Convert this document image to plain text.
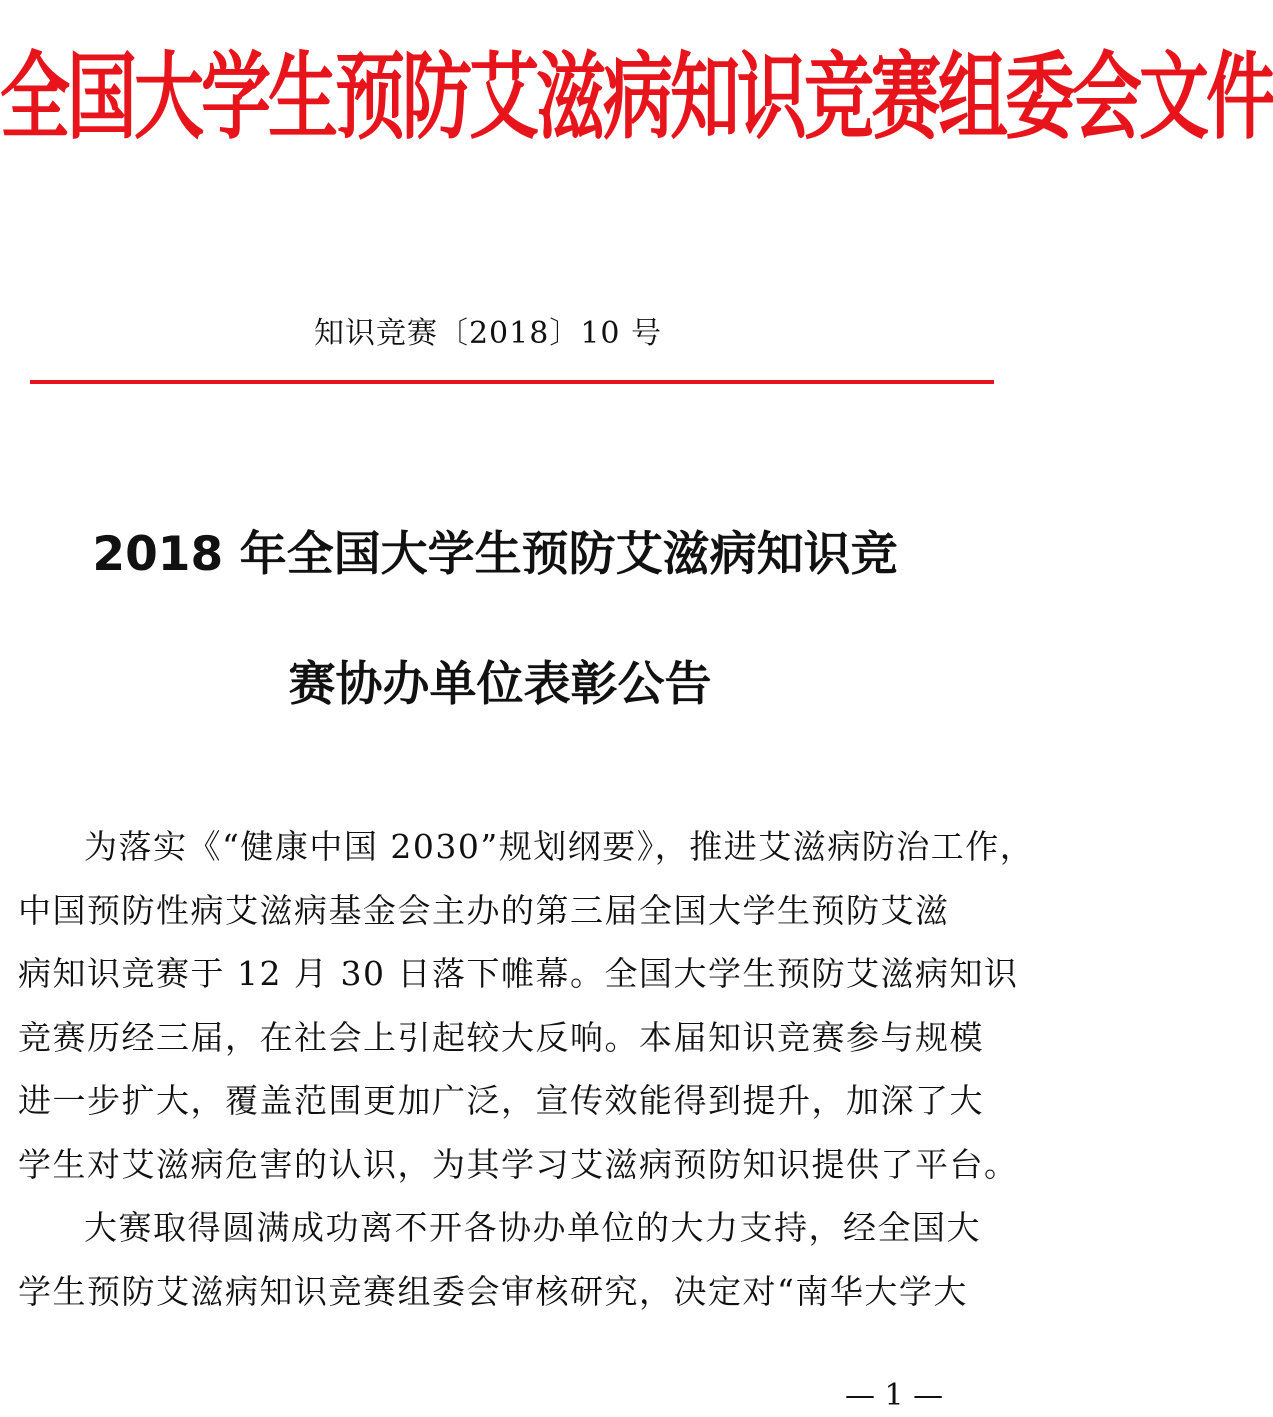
全国大学生预防艾滋病知识竞赛组委会文件
知识竞赛〔2018〕10 号
2018 年全国大学生预防艾滋病知识竞
赛协办单位表彰公告
为落实《“健康中国 2030”规划纲要》，推进艾滋病防治工作，
中国预防性病艾滋病基金会主办的第三届全国大学生预防艾滋
病知识竞赛于 12 月 30 日落下帷幕。全国大学生预防艾滋病知识
竞赛历经三届，在社会上引起较大反响。本届知识竞赛参与规模
进一步扩大，覆盖范围更加广泛，宣传效能得到提升，加深了大
学生对艾滋病危害的认识，为其学习艾滋病预防知识提供了平台。
大赛取得圆满成功离不开各协办单位的大力支持，经全国大
学生预防艾滋病知识竞赛组委会审核研究，决定对“南华大学大
— 1 —
